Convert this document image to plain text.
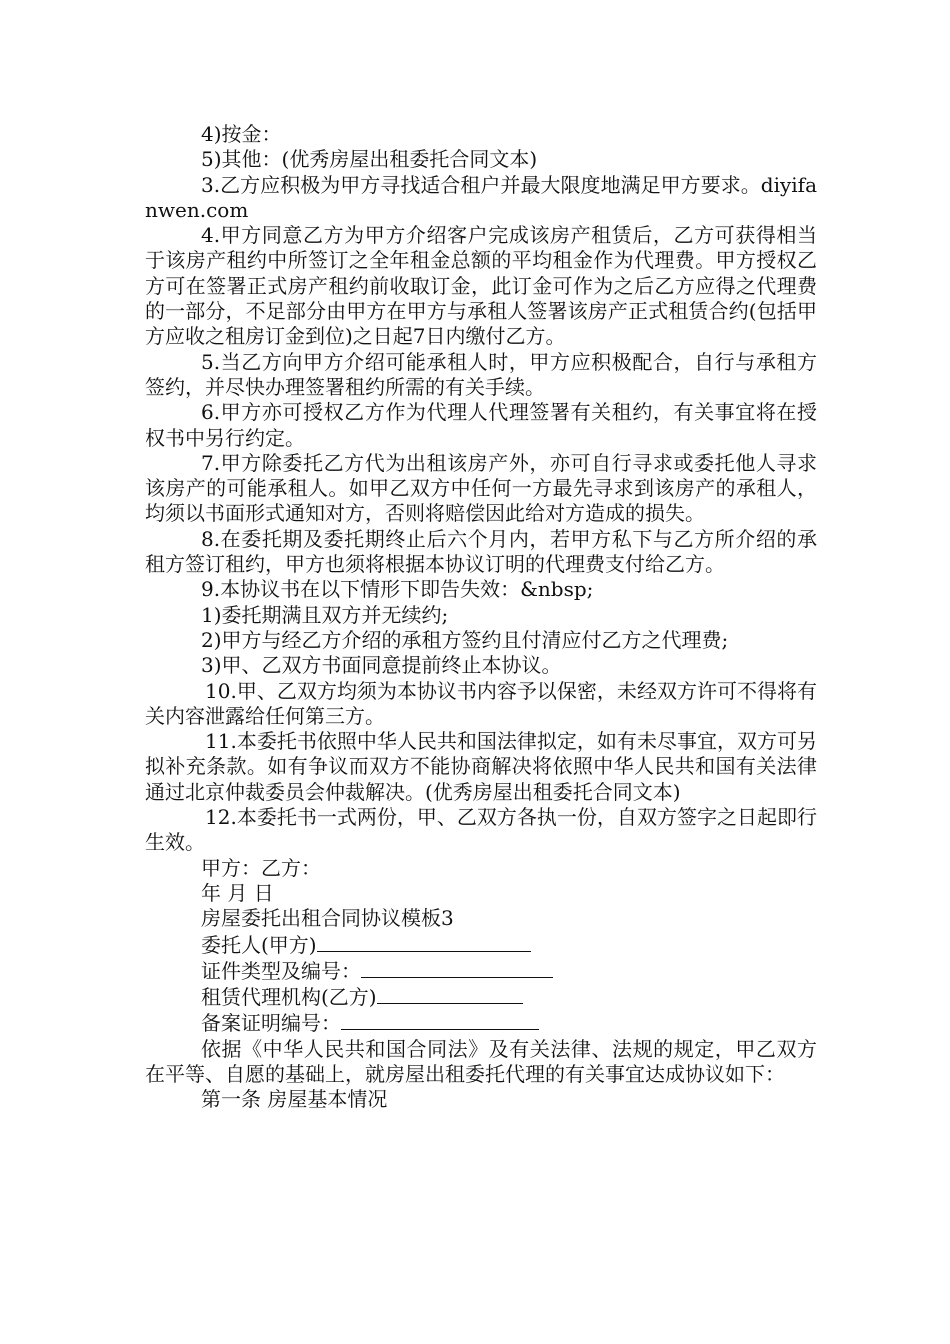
4)按金：

5)其他：(优秀房屋出租委托合同文本)

3.乙方应积极为甲方寻找适合租户并最大限度地满足甲方要求。diyifanwen.com

4.甲方同意乙方为甲方介绍客户完成该房产租赁后，乙方可获得相当于该房产租约中所签订之全年租金总额的平均租金作为代理费。甲方授权乙方可在签署正式房产租约前收取订金，此订金可作为之后乙方应得之代理费的一部分，不足部分由甲方在甲方与承租人签署该房产正式租赁合约(包括甲方应收之租房订金到位)之日起7日内缴付乙方。

5.当乙方向甲方介绍可能承租人时，甲方应积极配合，自行与承租方签约，并尽快办理签署租约所需的有关手续。

6.甲方亦可授权乙方作为代理人代理签署有关租约，有关事宜将在授权书中另行约定。

7.甲方除委托乙方代为出租该房产外，亦可自行寻求或委托他人寻求该房产的可能承租人。如甲乙双方中任何一方最先寻求到该房产的承租人，均须以书面形式通知对方，否则将赔偿因此给对方造成的损失。

8.在委托期及委托期终止后六个月内，若甲方私下与乙方所介绍的承租方签订租约，甲方也须将根据本协议订明的代理费支付给乙方。

9.本协议书在以下情形下即告失效：&nbsp;

1)委托期满且双方并无续约;

2)甲方与经乙方介绍的承租方签约且付清应付乙方之代理费;

3)甲、乙双方书面同意提前终止本协议。

10.甲、乙双方均须为本协议书内容予以保密，未经双方许可不得将有关内容泄露给任何第三方。

11.本委托书依照中华人民共和国法律拟定，如有未尽事宜，双方可另拟补充条款。如有争议而双方不能协商解决将依照中华人民共和国有关法律通过北京仲裁委员会仲裁解决。(优秀房屋出租委托合同文本)

12.本委托书一式两份，甲、乙双方各执一份，自双方签字之日起即行生效。

甲方：乙方：

年 月 日

房屋委托出租合同协议模板3

委托人(甲方)

证件类型及编号：

租赁代理机构(乙方)

备案证明编号：

依据《中华人民共和国合同法》及有关法律、法规的规定，甲乙双方在平等、自愿的基础上，就房屋出租委托代理的有关事宜达成协议如下：

第一条 房屋基本情况
